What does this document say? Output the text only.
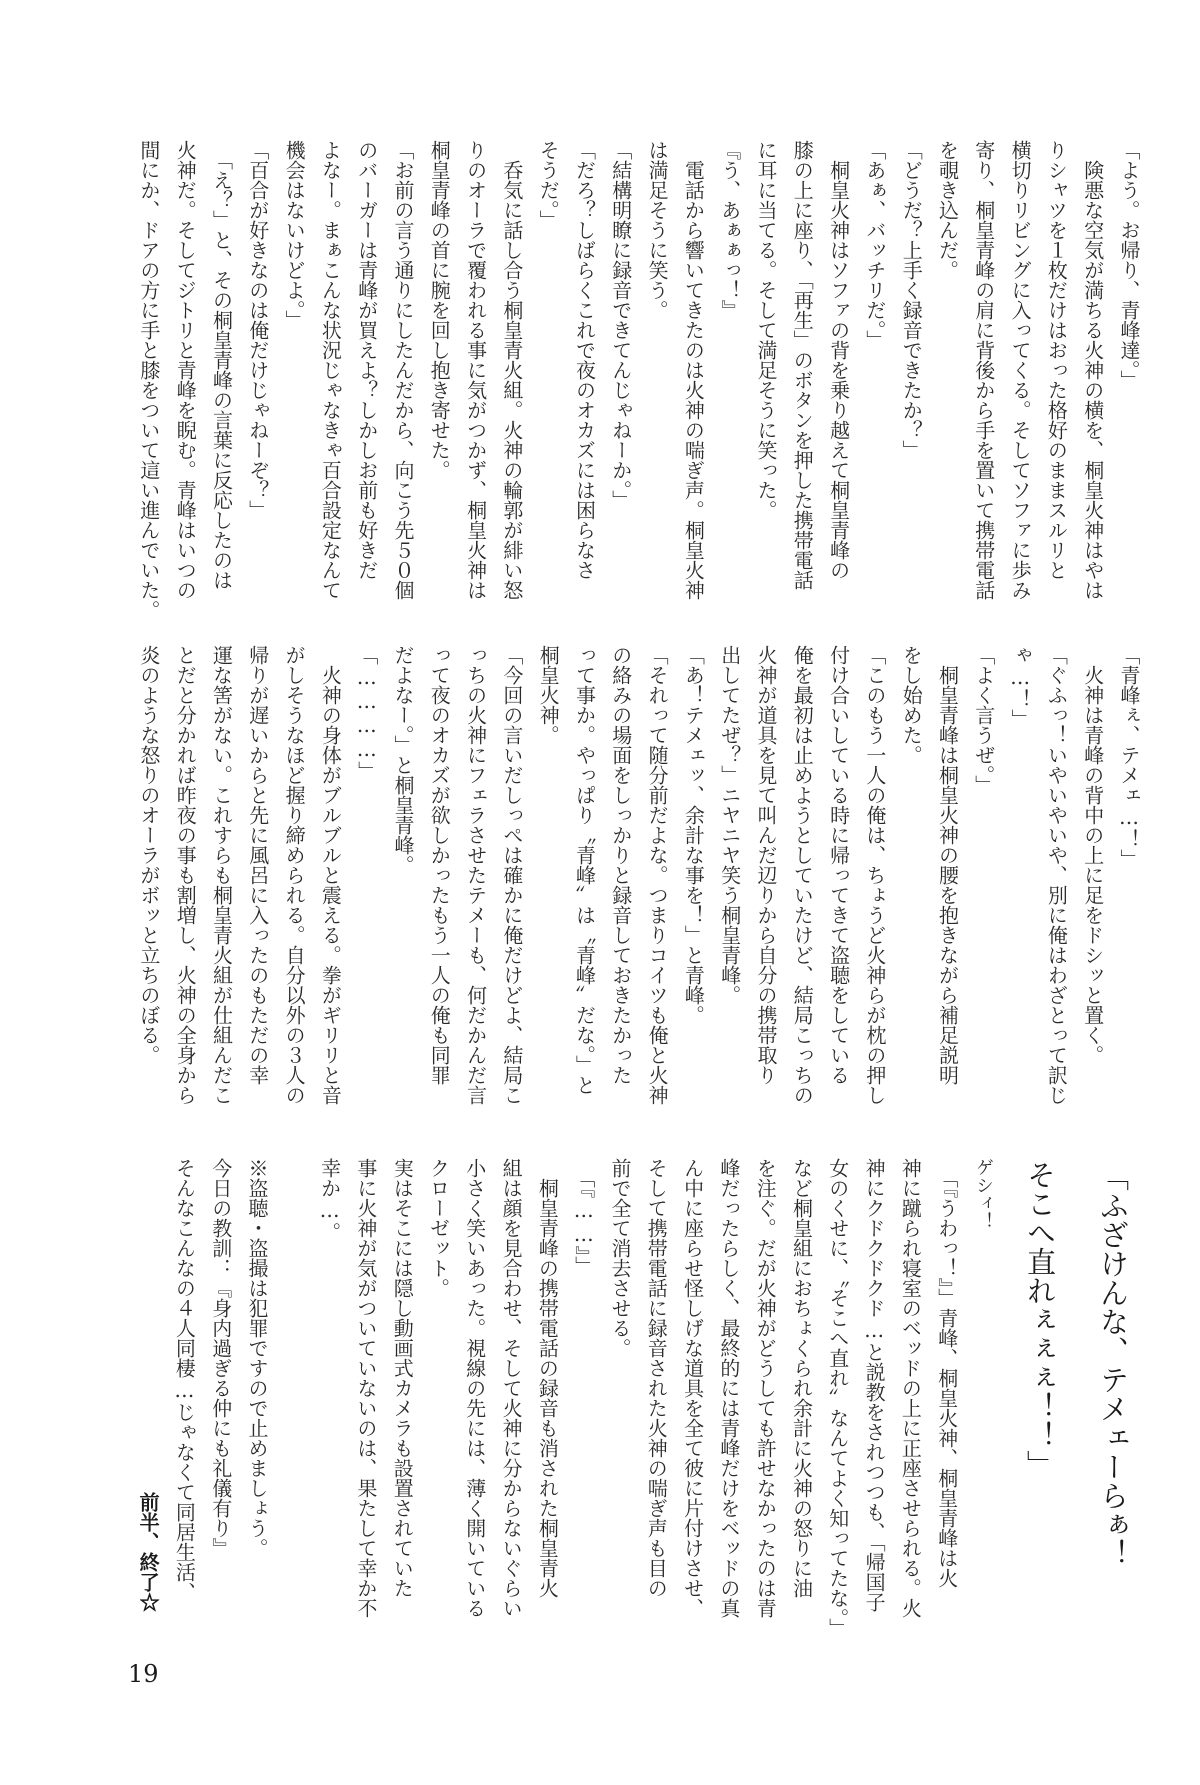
「よう。お帰り、青峰達。」
　険悪な空気が満ちる火神の横を、桐皇火神はやは
りシャツを１枚だけはおった格好のままスルリと
横切りリビングに入ってくる。そしてソファに歩み
寄り、桐皇青峰の肩に背後から手を置いて携帯電話
を覗き込んだ。
「どうだ？上手く録音できたか？」
「あぁ、バッチリだ。」
　桐皇火神はソファの背を乗り越えて桐皇青峰の
膝の上に座り、「再生」のボタンを押した携帯電話
に耳に当てる。そして満足そうに笑った。
『う、あぁぁっ！』
　電話から響いてきたのは火神の喘ぎ声。桐皇火神
は満足そうに笑う。
「結構明瞭に録音できてんじゃねーか。」
「だろ？しばらくこれで夜のオカズには困らなさ
そうだ。」
　呑気に話し合う桐皇青火組。火神の輪郭が緋い怒
りのオーラで覆われる事に気がつかず、桐皇火神は
桐皇青峰の首に腕を回し抱き寄せた。
「お前の言う通りにしたんだから、向こう先５０個
のバーガーは青峰が買えよ？しかしお前も好きだ
よなー。まぁこんな状況じゃなきゃ百合設定なんて
機会はないけどよ。」
「百合が好きなのは俺だけじゃねーぞ？」
　「え？」と、その桐皇青峰の言葉に反応したのは
火神だ。そしてジトリと青峰を睨む。青峰はいつの
間にか、ドアの方に手と膝をついて這い進んでいた。
「青峰ぇ、テメェ…！」
　火神は青峰の背中の上に足をドシッと置く。
「ぐふっ！いやいやいや、別に俺はわざとって訳じ
ゃ…！」
「よく言うぜ。」
　桐皇青峰は桐皇火神の腰を抱きながら補足説明
をし始めた。
「このもう一人の俺は、ちょうど火神らが枕の押し
付け合いしている時に帰ってきて盗聴をしている
俺を最初は止めようとしていたけど、結局こっちの
火神が道具を見て叫んだ辺りから自分の携帯取り
出してたぜ？」ニヤニヤ笑う桐皇青峰。
「あ！テメェッ、余計な事を！」と青峰。
「それって随分前だよな。つまりコイツも俺と火神
の絡みの場面をしっかりと録音しておきたかった
って事か。やっぱり〝青峰〟は〝青峰〟だな。」と
桐皇火神。
「今回の言いだしっぺは確かに俺だけどよ、結局こ
っちの火神にフェラさせたテメーも、何だかんだ言
って夜のオカズが欲しかったもう一人の俺も同罪
だよなー。」と桐皇青峰。
「…………」
　火神の身体がブルブルと震える。拳がギリリと音
がしそうなほど握り締められる。自分以外の３人の
帰りが遅いからと先に風呂に入ったのもただの幸
運な筈がない。これすらも桐皇青火組が仕組んだこ
とだと分かれば昨夜の事も割増し、火神の全身から
炎のような怒りのオーラがボッと立ちのぼる。
「ふざけんな、テメェーらぁ！
そこへ直れぇぇぇ！！」
ゲシィ！
　「『うわっ！』」青峰、桐皇火神、桐皇青峰は火
神に蹴られ寝室のベッドの上に正座させられる。火
神にクドクドクド…と説教をされつつも、「帰国子
女のくせに、〝そこへ直れ〟なんてよく知ってたな。」
など桐皇組におちょくられ余計に火神の怒りに油
を注ぐ。だが火神がどうしても許せなかったのは青
峰だったらしく、最終的には青峰だけをベッドの真
ん中に座らせ怪しげな道具を全て彼に片付けさせ、
そして携帯電話に録音された火神の喘ぎ声も目の
前で全て消去させる。
　「『……』」
　桐皇青峰の携帯電話の録音も消された桐皇青火
組は顔を見合わせ、そして火神に分からないぐらい
小さく笑いあった。視線の先には、薄く開いている
クローゼット。
実はそこには隠し動画式カメラも設置されていた
事に火神が気がついていないのは、果たして幸か不
幸か…。
※盗聴・盗撮は犯罪ですので止めましょう。
今日の教訓：『身内過ぎる仲にも礼儀有り』
そんなこんなの４人同棲…じゃなくて同居生活、
前半、終了☆
19
